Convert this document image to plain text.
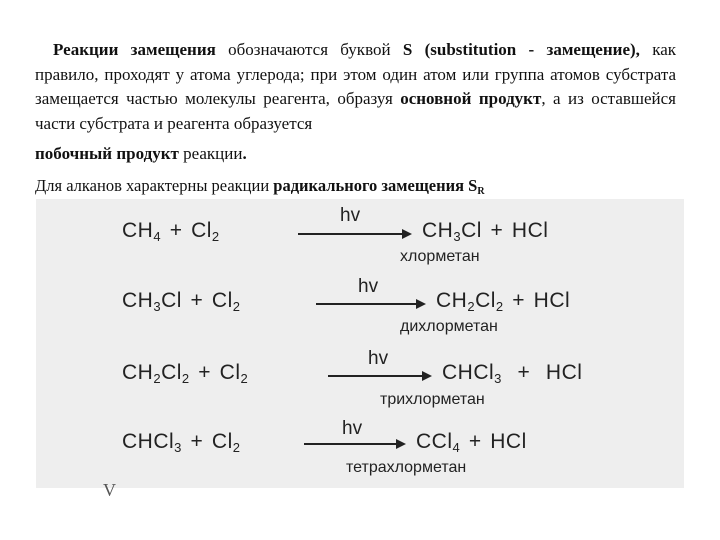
Реакции замещения обозначаются буквой S (substitution - замещение), как правило, проходят у атома углерода; при этом один атом или группа атомов субстрата замещается частью молекулы реагента, образуя основной продукт, а из оставшейся части субстрата и реагента образуется
побочный продукт реакции.
Для алканов характерны реакции радикального замещения $S_R$
$CH_4 + Cl_2$
hv
$CH_3Cl$ + HCl
хлорметан
$CH_3Cl + Cl_2$
hv
$CH_2Cl_2$ + HCl
дихлорметан
$CH_2Cl_2 + Cl_2$
hv
CHCl$_3$ + HCl
трихлорметан
CHCl$_3$ + $Cl_2$
hv
CCl$_4$ + HCl
тетрахлорметан
V
